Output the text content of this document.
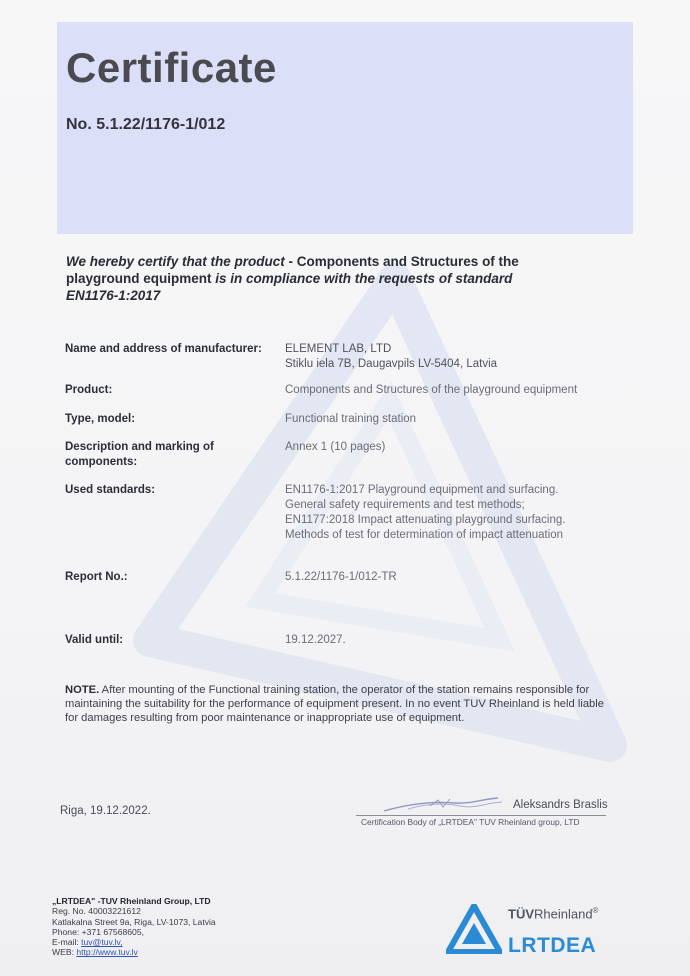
Certificate
No. 5.1.22/1176-1/012
We hereby certify that the product - Components and Structures of the playground equipment is in compliance with the requests of standard EN1176-1:2017
Name and address of manufacturer:	ELEMENT LAB, LTD
Stiklu iela 7B, Daugavpils LV-5404, Latvia
Product:	Components and Structures of the playground equipment
Type, model:	Functional training station
Description and marking of
components:
Annex 1 (10 pages)
Used standards:	EN1176-1:2017 Playground equipment and surfacing.
General safety requirements and test methods;
EN1177:2018 Impact attenuating playground surfacing.
Methods of test for determination of impact attenuation
Report No.:	5.1.22/1176-1/012-TR
Valid until:	19.12.2027.
NOTE. After mounting of the Functional training station, the operator of the station remains responsible for maintaining the suitability for the performance of equipment present. In no event TUV Rheinland is held liable for damages resulting from poor maintenance or inappropriate use of equipment.
Riga, 19.12.2022.	Aleksandrs Braslis
Certification Body of „LRTDEA" TUV Rheinland group, LTD
„LRTDEA" -TUV Rheinland Group, LTD
Reg. No. 40003221612
Katlakalna Street 9a, Riga, LV-1073, Latvia
Phone: +371 67568605,
E-mail: tuv@tuv.lv,
WEB: http://www.tuv.lv
TÜVRheinland®
LRTDEA
